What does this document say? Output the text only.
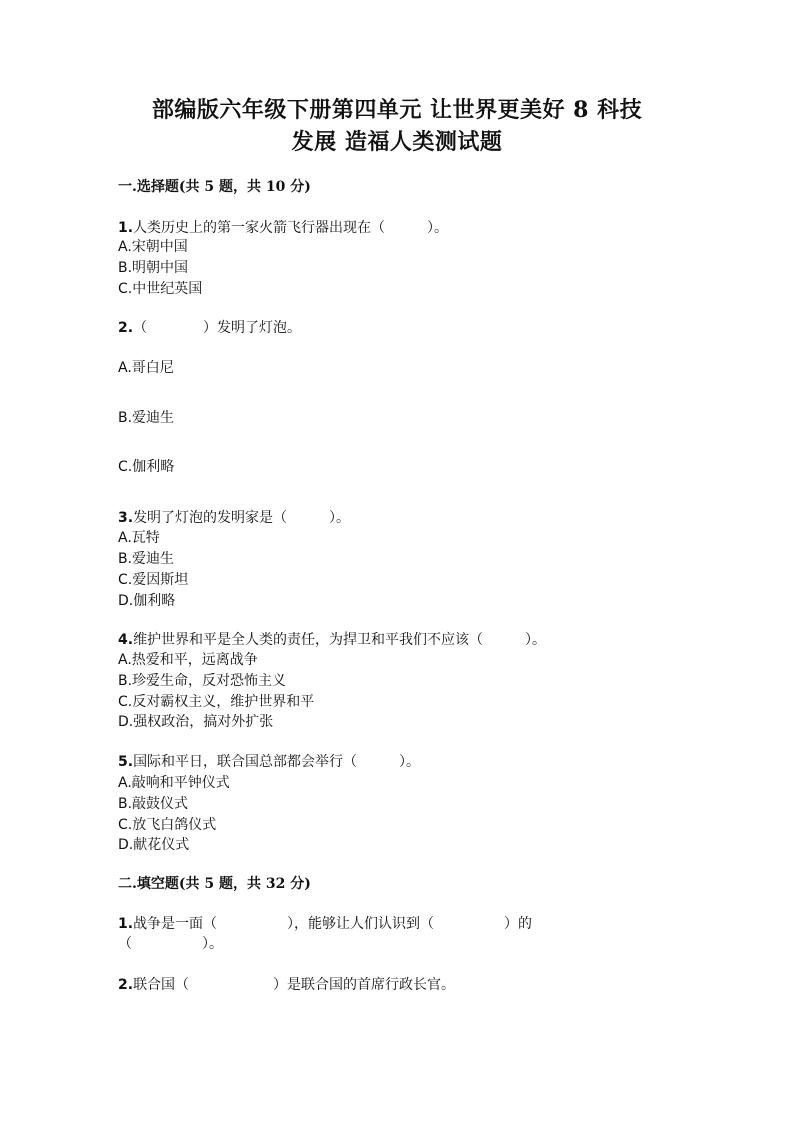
部编版六年级下册第四单元 让世界更美好 8 科技
发展 造福人类测试题
一.选择题(共 5 题，共 10 分)
1.人类历史上的第一家火箭飞行器出现在（　　　）。
A.宋朝中国
B.明朝中国
C.中世纪英国
2.（　　　　）发明了灯泡。
A.哥白尼
B.爱迪生
C.伽利略
3.发明了灯泡的发明家是（　　　）。
A.瓦特
B.爱迪生
C.爱因斯坦
D.伽利略
4.维护世界和平是全人类的责任，为捍卫和平我们不应该（　　　）。
A.热爱和平，远离战争
B.珍爱生命，反对恐怖主义
C.反对霸权主义，维护世界和平
D.强权政治，搞对外扩张
5.国际和平日，联合国总部都会举行（　　　）。
A.敲响和平钟仪式
B.敲鼓仪式
C.放飞白鸽仪式
D.献花仪式
二.填空题(共 5 题，共 32 分)
1.战争是一面（　　　　　），能够让人们认识到（　　　　　）的
（　　　　　）。
2.联合国（　　　　　　）是联合国的首席行政长官。
